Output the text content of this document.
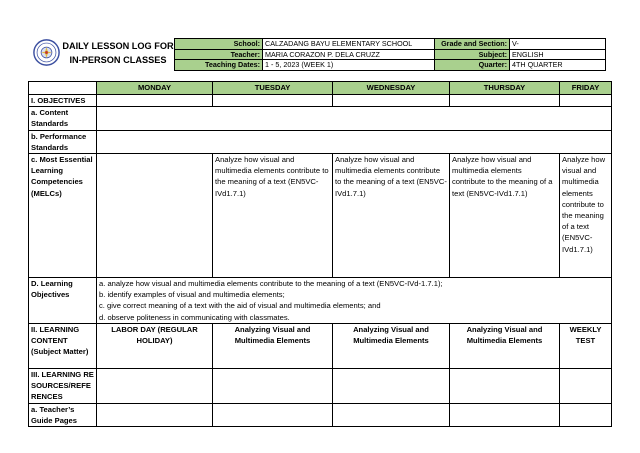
DAILY LESSON LOG FOR
IN-PERSON CLASSES
School:	CALZADANG BAYU ELEMENTARY SCHOOL	Grade and Section:	V-
Teacher:	MARIA CORAZON P. DELA CRUZZ	Subject:	ENGLISH
Teaching Dates:	1 - 5, 2023 (WEEK 1)	Quarter:	4TH QUARTER
	MONDAY	TUESDAY	WEDNESDAY	THURSDAY	FRIDAY
I. OBJECTIVES					
a. Content Standards					
b. Performance Standards					
c. Most Essential Learning Competencies (MELCs)		Analyze how visual and multimedia elements contribute to the meaning of a text (EN5VC-IVd1.7.1)	Analyze how visual and multimedia elements contribute to the meaning of a text (EN5VC-IVd1.7.1)	Analyze how visual and multimedia elements contribute to the meaning of a text (EN5VC-IVd1.7.1)	Analyze how visual and multimedia elements contribute to the meaning of a text (EN5VC-IVd1.7.1)
D. Learning Objectives	a. analyze how visual and multimedia elements contribute to the meaning of a text (EN5VC-IVd-1.7.1);
b. identify examples of visual and multimedia elements;
c. give correct meaning of a text with the aid of visual and multimedia elements; and
d. observe politeness in communicating with classmates.				

II. LEARNING CONTENT (Subject Matter)	LABOR DAY (REGULAR HOLIDAY)	Analyzing Visual and Multimedia Elements	Analyzing Visual and Multimedia Elements	Analyzing Visual and Multimedia Elements	WEEKLY TEST
III. LEARNING RESOURCES/REFERENCES					
a. Teacher’s Guide Pages					
